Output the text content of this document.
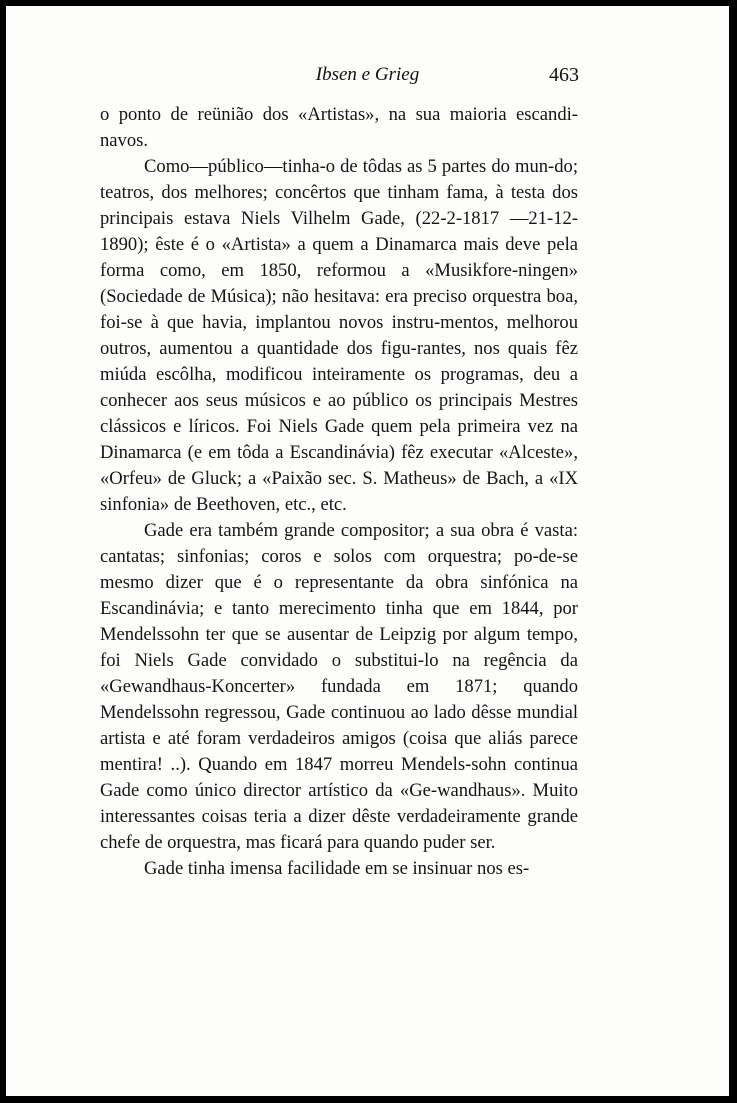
Ibsen e Grieg	463

o ponto de reünião dos «Artistas», na sua maioria escandi-navos.

Como—público—tinha-o de tôdas as 5 partes do mun-do; teatros, dos melhores; concêrtos que tinham fama, à testa dos principais estava Niels Vilhelm Gade, (22-2-1817 —21-12-1890); êste é o «Artista» a quem a Dinamarca mais deve pela forma como, em 1850, reformou a «Musikfore-ningen» (Sociedade de Música); não hesitava: era preciso orquestra boa, foi-se à que havia, implantou novos instru-mentos, melhorou outros, aumentou a quantidade dos figu-rantes, nos quais fêz miúda escôlha, modificou inteiramente os programas, deu a conhecer aos seus músicos e ao público os principais Mestres clássicos e líricos. Foi Niels Gade quem pela primeira vez na Dinamarca (e em tôda a Escandinávia) fêz executar «Alceste», «Orfeu» de Gluck; a «Paixão sec. S. Matheus» de Bach, a «IX sinfonia» de Beethoven, etc., etc.

Gade era também grande compositor; a sua obra é vasta: cantatas; sinfonias; coros e solos com orquestra; po-de-se mesmo dizer que é o representante da obra sinfónica na Escandinávia; e tanto merecimento tinha que em 1844, por Mendelssohn ter que se ausentar de Leipzig por algum tempo, foi Niels Gade convidado o substitui-lo na regência da «Gewandhaus-Koncerter» fundada em 1871; quando Mendelssohn regressou, Gade continuou ao lado dêsse mundial artista e até foram verdadeiros amigos (coisa que aliás parece mentira! ..). Quando em 1847 morreu Mendels-sohn continua Gade como único director artístico da «Ge-wandhaus». Muito interessantes coisas teria a dizer dêste verdadeiramente grande chefe de orquestra, mas ficará para quando puder ser.

Gade tinha imensa facilidade em se insinuar nos es-
